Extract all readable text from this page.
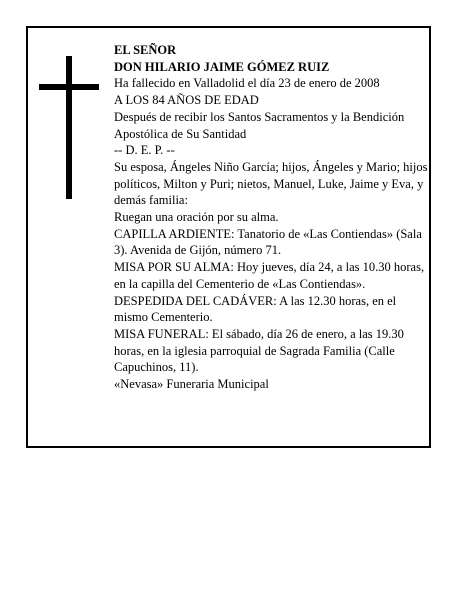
EL SEÑOR

DON HILARIO JAIME GÓMEZ RUIZ

Ha fallecido en Valladolid el día 23 de enero de 2008

A LOS 84 AÑOS DE EDAD

Después de recibir los Santos Sacramentos y la Bendición Apostólica de Su Santidad

-- D. E. P. --

Su esposa, Ángeles Niño García; hijos, Ángeles y Mario; hijos políticos, Milton y Puri; nietos, Manuel, Luke, Jaime y Eva, y demás familia:

Ruegan una oración por su alma.

CAPILLA ARDIENTE: Tanatorio de «Las Contiendas» (Sala 3). Avenida de Gijón, número 71.

MISA POR SU ALMA: Hoy jueves, día 24, a las 10.30 horas, en la capilla del Cementerio de «Las Contiendas».

DESPEDIDA DEL CADÁVER: A las 12.30 horas, en el mismo Cementerio.

MISA FUNERAL: El sábado, día 26 de enero, a las 19.30 horas, en la iglesia parroquial de Sagrada Familia (Calle Capuchinos, 11).

«Nevasa» Funeraria Municipal
